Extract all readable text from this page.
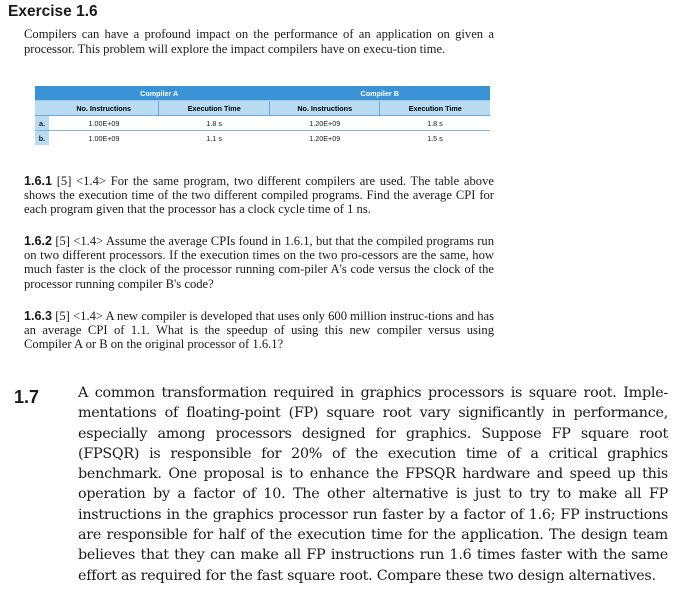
Exercise 1.6
Compilers can have a profound impact on the performance of an application on given a processor. This problem will explore the impact compilers have on execu-tion time.
	Compiler A		Compiler B	
	No. Instructions	Execution Time	No. Instructions	Execution Time
a.	1.00E+09	1.8 s	1.20E+09	1.8 s
b.	1.00E+09	1.1 s	1.20E+09	1.5 s
1.6.1 [5] <1.4> For the same program, two different compilers are used. The table above shows the execution time of the two different compiled programs. Find the average CPI for each program given that the processor has a clock cycle time of 1 ns.
1.6.2 [5] <1.4> Assume the average CPIs found in 1.6.1, but that the compiled programs run on two different processors. If the execution times on the two pro-cessors are the same, how much faster is the clock of the processor running com-piler A's code versus the clock of the processor running compiler B's code?
1.6.3 [5] <1.4> A new compiler is developed that uses only 600 million instruc-tions and has an average CPI of 1.1. What is the speedup of using this new compiler versus using Compiler A or B on the original processor of 1.6.1?
1.7	A common transformation required in graphics processors is square root. Imple-mentations of floating-point (FP) square root vary significantly in performance, especially among processors designed for graphics. Suppose FP square root (FPSQR) is responsible for 20% of the execution time of a critical graphics benchmark. One proposal is to enhance the FPSQR hardware and speed up this operation by a factor of 10. The other alternative is just to try to make all FP instructions in the graphics processor run faster by a factor of 1.6; FP instructions are responsible for half of the execution time for the application. The design team believes that they can make all FP instructions run 1.6 times faster with the same effort as required for the fast square root. Compare these two design alternatives.
